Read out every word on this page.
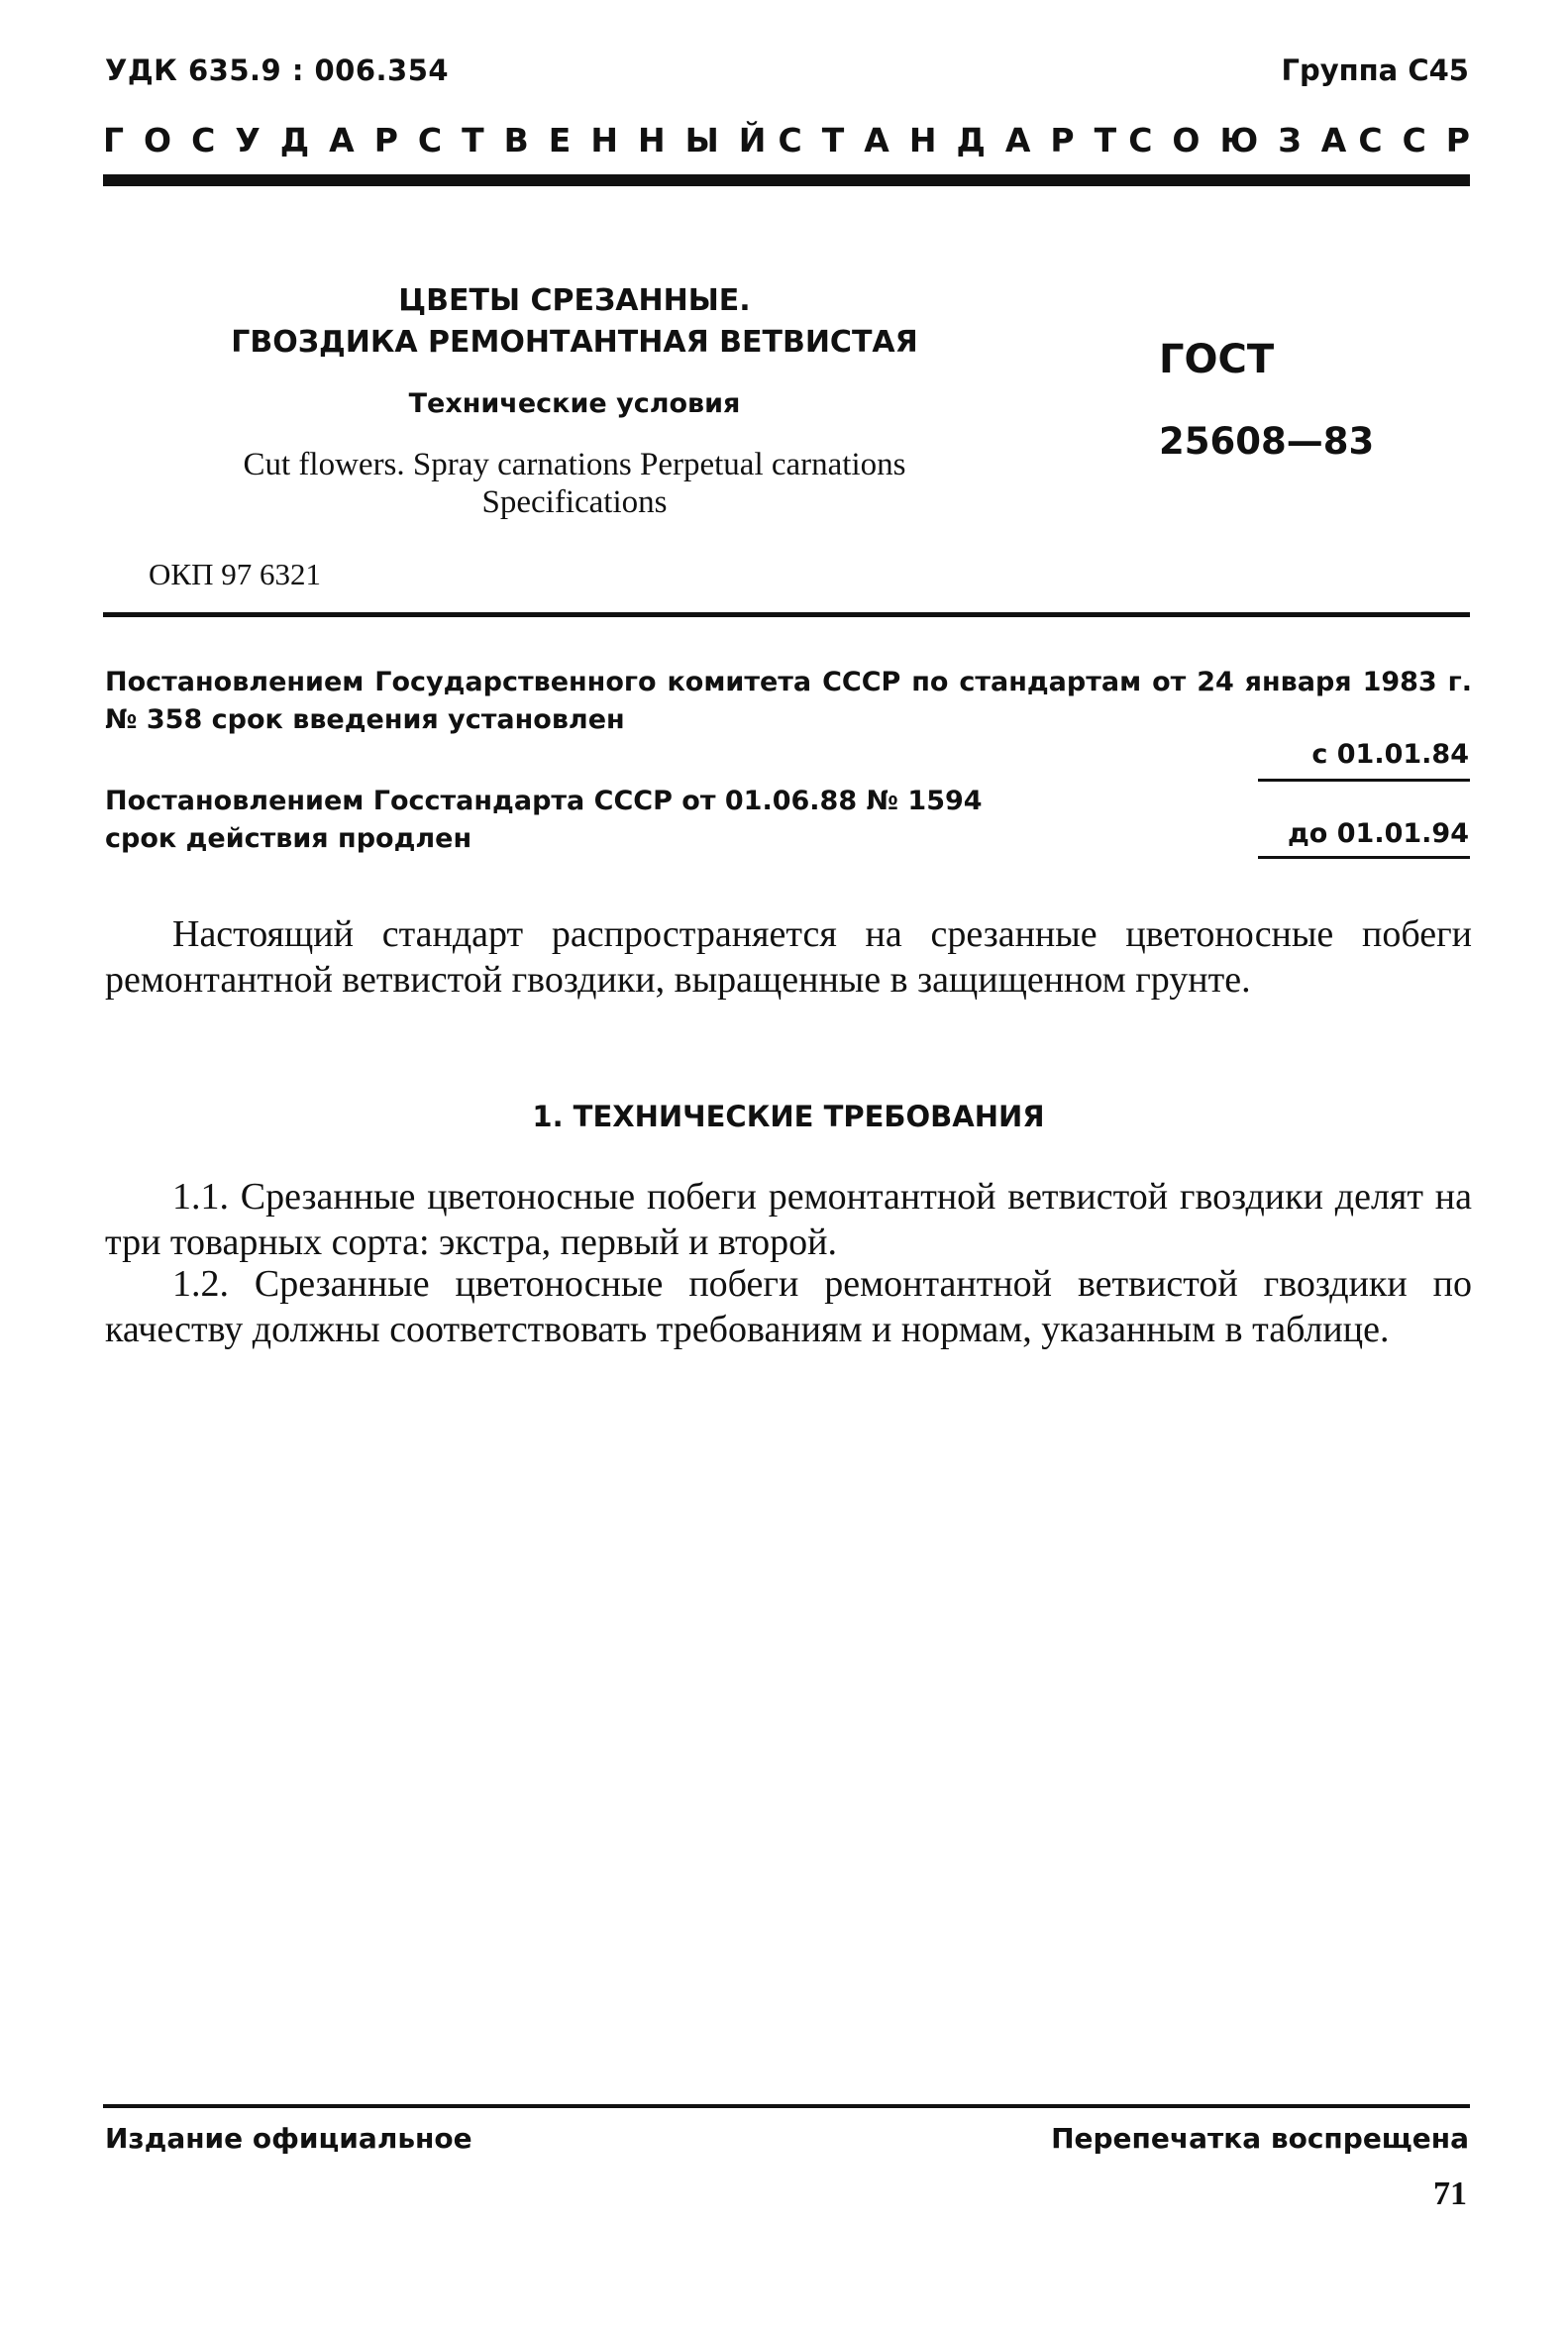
УДК 635.9 : 006.354	Группа С45
Г О С У Д А Р С Т В Е Н Н Ы Й С Т А Н Д А Р Т С О Ю З А С С Р
ЦВЕТЫ СРЕЗАННЫЕ.
ГВОЗДИКА РЕМОНТАНТНАЯ ВЕТВИСТАЯ
Технические условия
Cut flowers. Spray carnations Perpetual carnations
Specifications
ГОСТ
25608—83
ОКП 97 6321
Постановлением Государственного комитета СССР по стандартам от 24 января 1983 г. № 358 срок введения установлен
с 01.01.84
Постановлением Госстандарта СССР от 01.06.88 № 1594
срок действия продлен	до 01.01.94
Настоящий стандарт распространяется на срезанные цветоносные побеги ремонтантной ветвистой гвоздики, выращенные в защищенном грунте.
1. ТЕХНИЧЕСКИЕ ТРЕБОВАНИЯ
1.1. Срезанные цветоносные побеги ремонтантной ветвистой гвоздики делят на три товарных сорта: экстра, первый и второй.
1.2. Срезанные цветоносные побеги ремонтантной ветвистой гвоздики по качеству должны соответствовать требованиям и нормам, указанным в таблице.
Издание официальное	Перепечатка воспрещена
71
